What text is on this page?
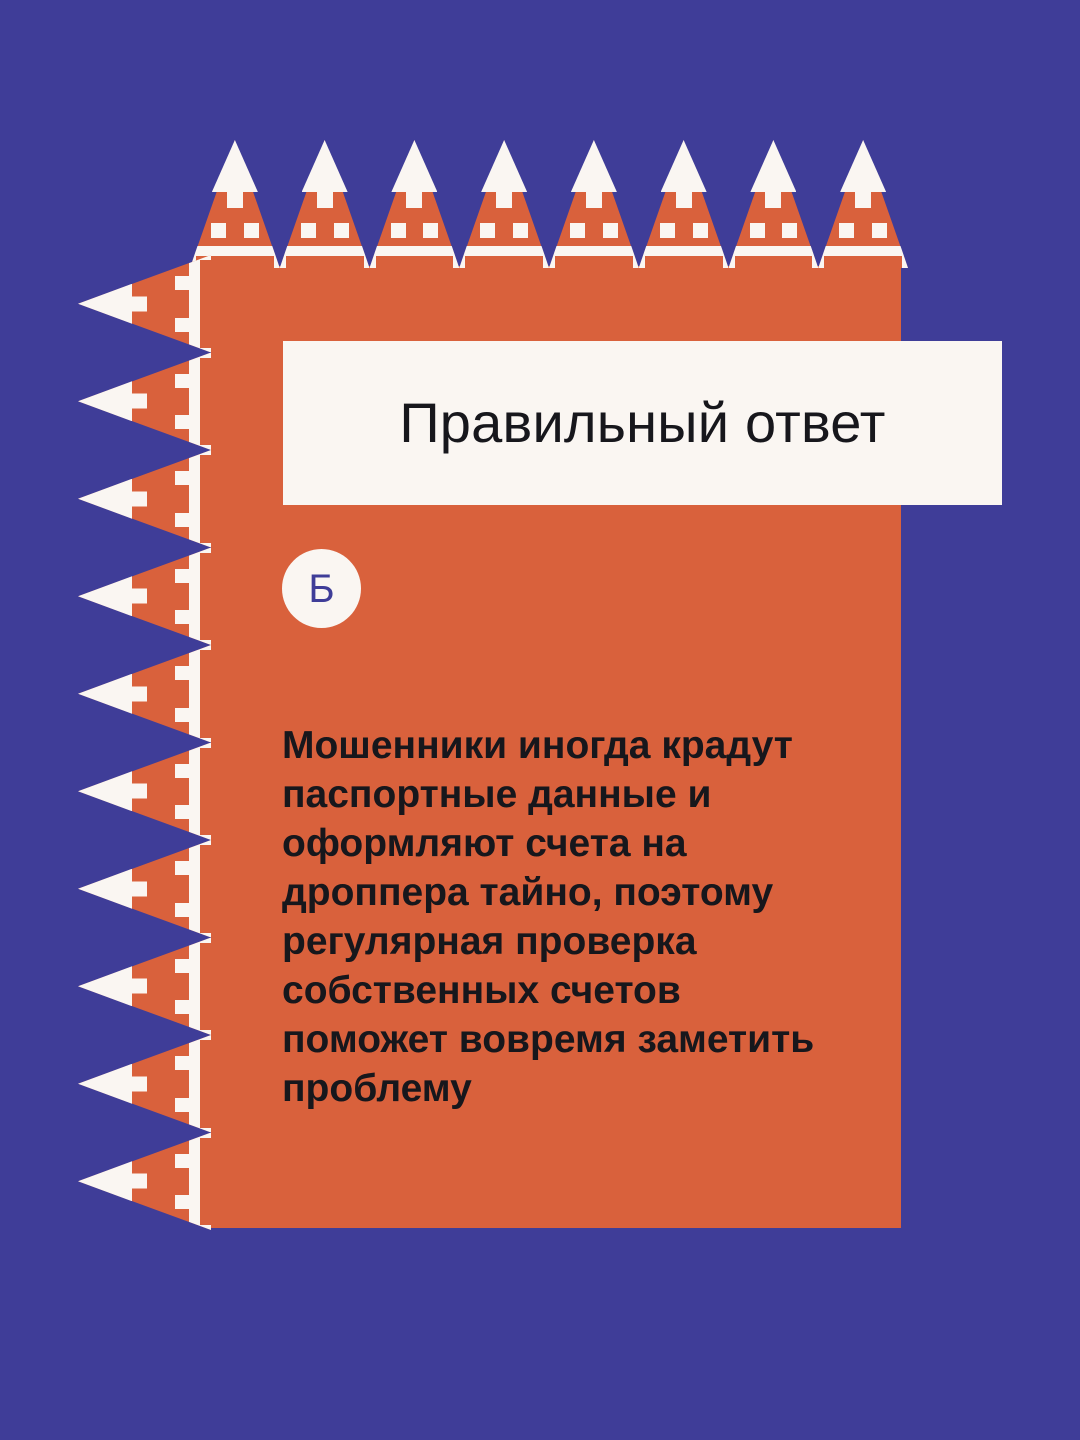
Правильный ответ
Б
Мошенники иногда крадут паспортные данные и оформляют счета на дроппера тайно, поэтому регулярная проверка собственных счетов поможет вовремя заметить проблему
